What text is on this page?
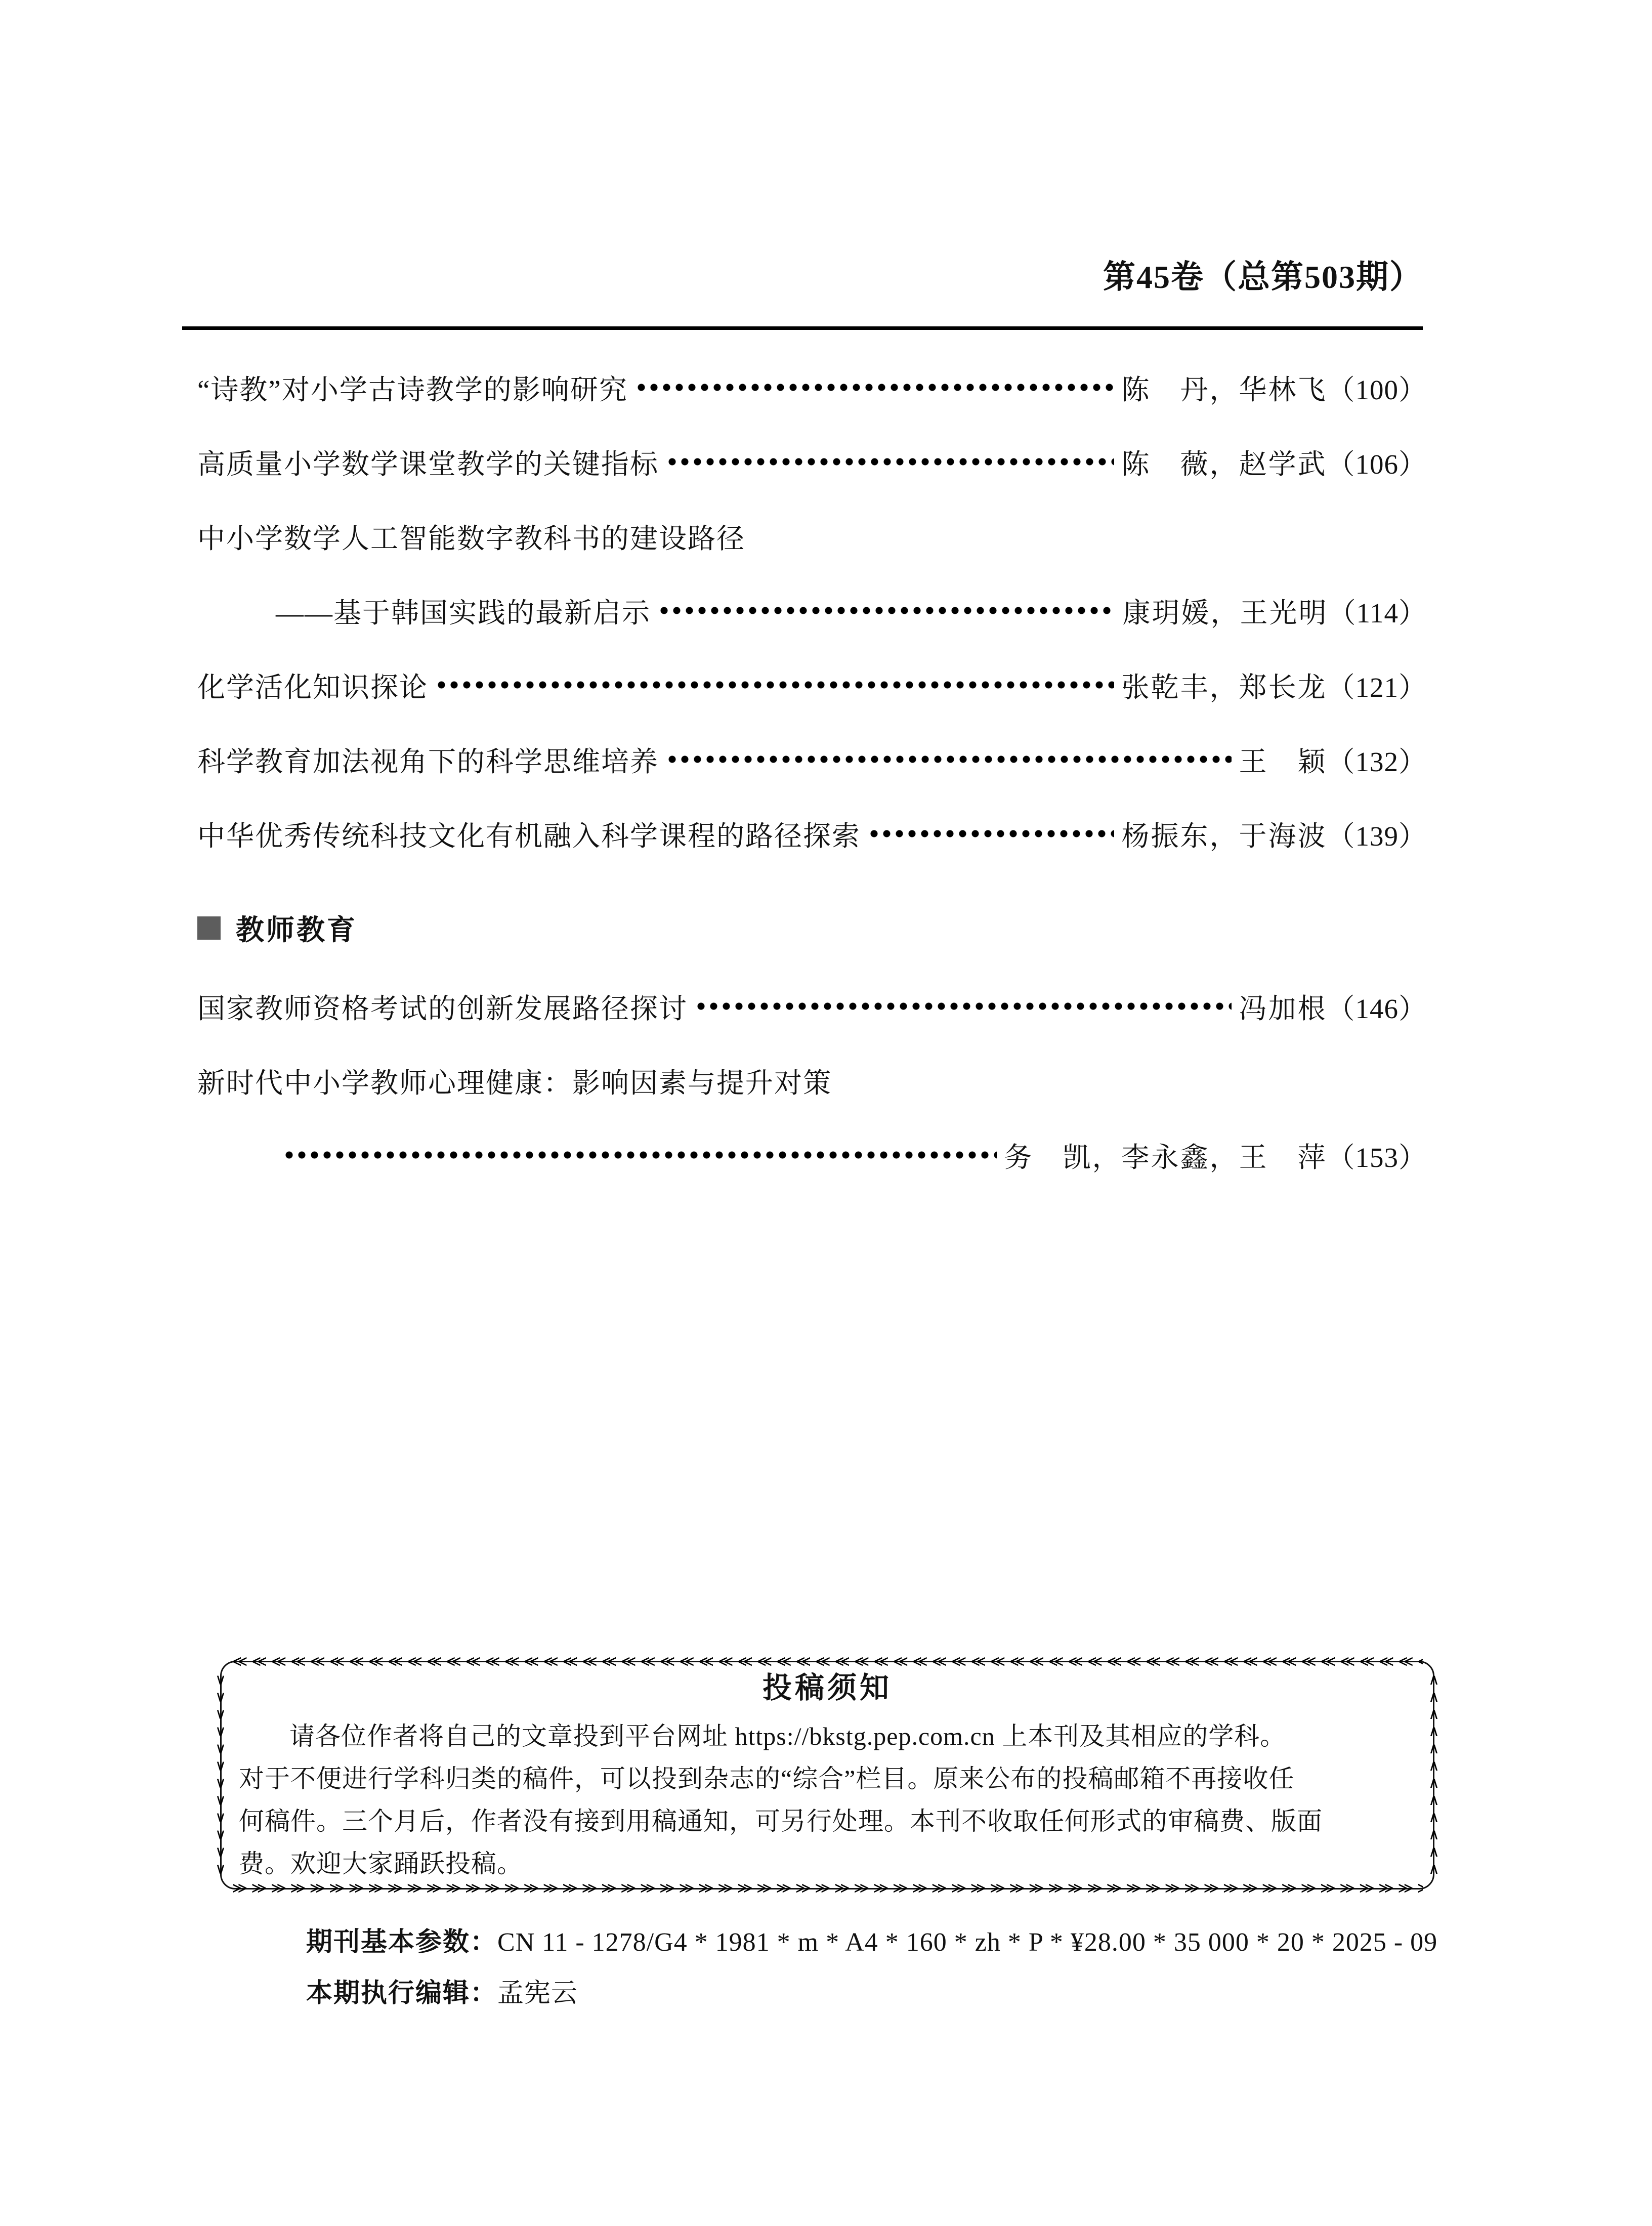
第45卷（总第503期）
“诗教”对小学古诗教学的影响研究	陈　丹，华林飞 （100）
高质量小学数学课堂教学的关键指标	陈　薇，赵学武 （106）
中小学数学人工智能数字教科书的建设路径
——基于韩国实践的最新启示	康玥媛，王光明 （114）
化学活化知识探论	张乾丰，郑长龙 （121）
科学教育加法视角下的科学思维培养	王　颖 （132）
中华优秀传统科技文化有机融入科学课程的路径探索	杨振东，于海波 （139）
教师教育
国家教师资格考试的创新发展路径探讨	冯加根 （146）
新时代中小学教师心理健康：影响因素与提升对策
务　凯，李永鑫，王　萍 （153）
≪≪≪≪≪≪≪≪≪≪≪≪≪≪≪≪≪≪≪≪≪≪≪≪≪≪≪≪≪≪≪≪≪≪≪≪≪≪≪≪≪≪≪≪≪≪≪≪≪≪≪≪≪≪≪≪≪≪≪≪≪≪≪≪≪≪≪≪≪≪≪≪≪≪≪≪≪≪≪≪
≫≫≫≫≫≫≫≫≫≫≫≫≫≫≫≫≫≫≫≫≫≫≫≫≫≫≫≫≫≫≫≫≫≫≫≫≫≫≫≫≫≫≫≫≫≫≫≫≫≫≫≫≫≫≫≫≫≫≫≫≫≫≫≫≫≫≫≫≫≫≫≫≫≫≫≫≫≫≫≫
∨∨∨∨∨∨∨∨∨∨∨∨∨∨∨∨∨∨∨∨
∧∧∧∧∧∧∧∧∧∧∧∧∧∧∧∧∧∧∧∧
投稿须知
请各位作者将自己的文章投到平台网址 https://bkstg.pep.com.cn 上本刊及其相应的学科。
对于不便进行学科归类的稿件，可以投到杂志的“综合”栏目。原来公布的投稿邮箱不再接收任
何稿件。三个月后，作者没有接到用稿通知，可另行处理。本刊不收取任何形式的审稿费、版面
费。欢迎大家踊跃投稿。
期刊基本参数：CN 11 - 1278/G4 * 1981 * m * A4 * 160 * zh * P * ¥28.00 * 35 000 * 20 * 2025 - 09
本期执行编辑：孟宪云
